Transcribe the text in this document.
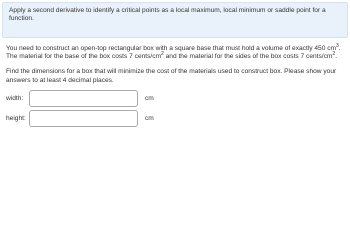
Apply a second derivative to identify a critical points as a local maximum, local minimum or saddle point for a function.
You need to construct an open-top rectangular box with a square base that must hold a volume of exactly 450 $cm^3$. The material for the base of the box costs 7 cents/$cm^2$ and the material for the sides of the box costs 7 cents/$cm^2$.
Find the dimensions for a box that will minimize the cost of the materials used to construct box. Please show your answers to at least 4 decimal places.
width:	cm
height:	cm
